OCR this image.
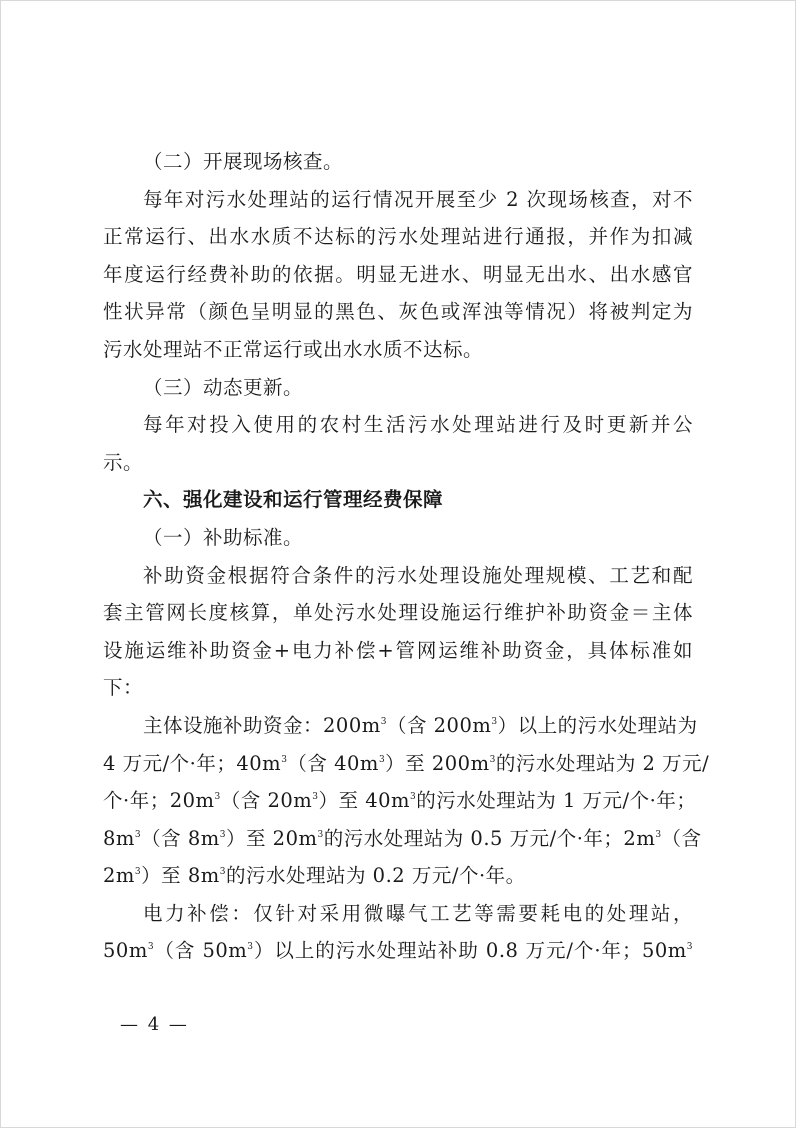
（二）开展现场核查。
每年对污水处理站的运行情况开展至少 2 次现场核查，对不
正常运行、出水水质不达标的污水处理站进行通报，并作为扣减
年度运行经费补助的依据。明显无进水、明显无出水、出水感官
性状异常（颜色呈明显的黑色、灰色或浑浊等情况）将被判定为
污水处理站不正常运行或出水水质不达标。
（三）动态更新。
每年对投入使用的农村生活污水处理站进行及时更新并公
示。
六、强化建设和运行管理经费保障
（一）补助标准。
补助资金根据符合条件的污水处理设施处理规模、工艺和配
套主管网长度核算，单处污水处理设施运行维护补助资金＝主体
设施运维补助资金+电力补偿+管网运维补助资金，具体标准如
下：
主体设施补助资金：$200m^3$（含 $200m^3$）以上的污水处理站为
4 万元/个·年；$40m^3$（含 $40m^3$）至 $200m^3$的污水处理站为 2 万元/
个·年；$20m^3$（含 $20m^3$）至 $40m^3$的污水处理站为 1 万元/个·年；
$8m^3$（含 $8m^3$）至 $20m^3$的污水处理站为 0.5 万元/个·年；$2m^3$（含
$2m^3$）至 $8m^3$的污水处理站为 0.2 万元/个·年。
电力补偿：仅针对采用微曝气工艺等需要耗电的处理站，
$50m^3$（含 $50m^3$）以上的污水处理站补助 0.8 万元/个·年；$50m^3$
— 4 —
